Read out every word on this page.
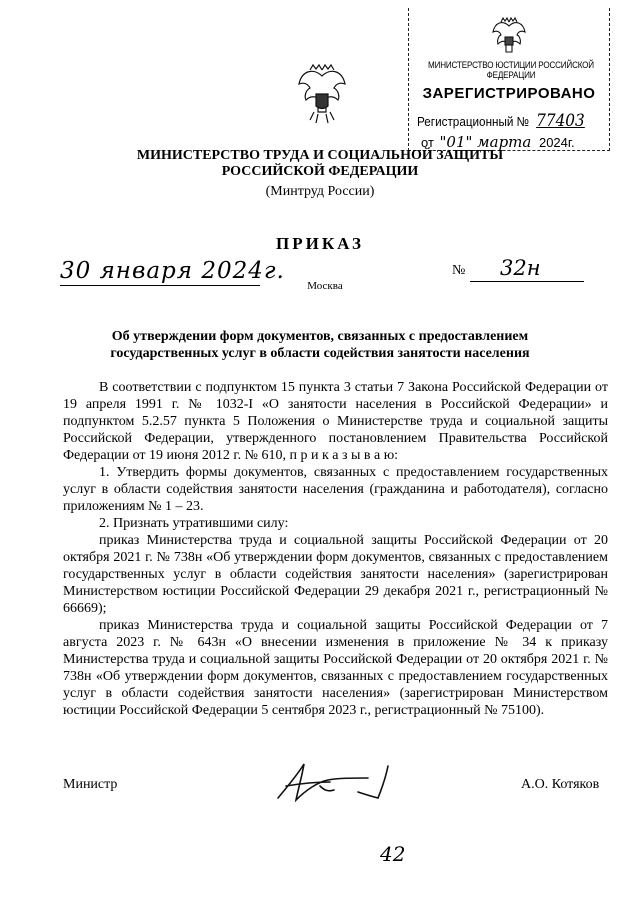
МИНИСТЕРСТВО ЮСТИЦИИ РОССИЙСКОЙ ФЕДЕРАЦИИ
ЗАРЕГИСТРИРОВАНО
Регистрационный № 77403
от "01" марта 2024г.
МИНИСТЕРСТВО ТРУДА И СОЦИАЛЬНОЙ ЗАЩИТЫ
РОССИЙСКОЙ ФЕДЕРАЦИИ
(Минтруд России)
ПРИКАЗ
30 января 2024г.	№ 32н
Москва
Об утверждении форм документов, связанных с предоставлением
государственных услуг в области содействия занятости населения

В соответствии с подпунктом 15 пункта 3 статьи 7 Закона Российской Федерации от 19 апреля 1991 г. № 1032-I «О занятости населения в Российской Федерации» и подпунктом 5.2.57 пункта 5 Положения о Министерстве труда и социальной защиты Российской Федерации, утвержденного постановлением Правительства Российской Федерации от 19 июня 2012 г. № 610, п р и к а з ы в а ю:

1. Утвердить формы документов, связанных с предоставлением государственных услуг в области содействия занятости населения (гражданина и работодателя), согласно приложениям № 1 – 23.

2. Признать утратившими силу:

приказ Министерства труда и социальной защиты Российской Федерации от 20 октября 2021 г. № 738н «Об утверждении форм документов, связанных с предоставлением государственных услуг в области содействия занятости населения» (зарегистрирован Министерством юстиции Российской Федерации 29 декабря 2021 г., регистрационный № 66669);

приказ Министерства труда и социальной защиты Российской Федерации от 7 августа 2023 г. № 643н «О внесении изменения в приложение № 34 к приказу Министерства труда и социальной защиты Российской Федерации от 20 октября 2021 г. № 738н «Об утверждении форм документов, связанных с предоставлением государственных услуг в области содействия занятости населения» (зарегистрирован Министерством юстиции Российской Федерации 5 сентября 2023 г., регистрационный № 75100).

Министр	А.О. Котяков
42
